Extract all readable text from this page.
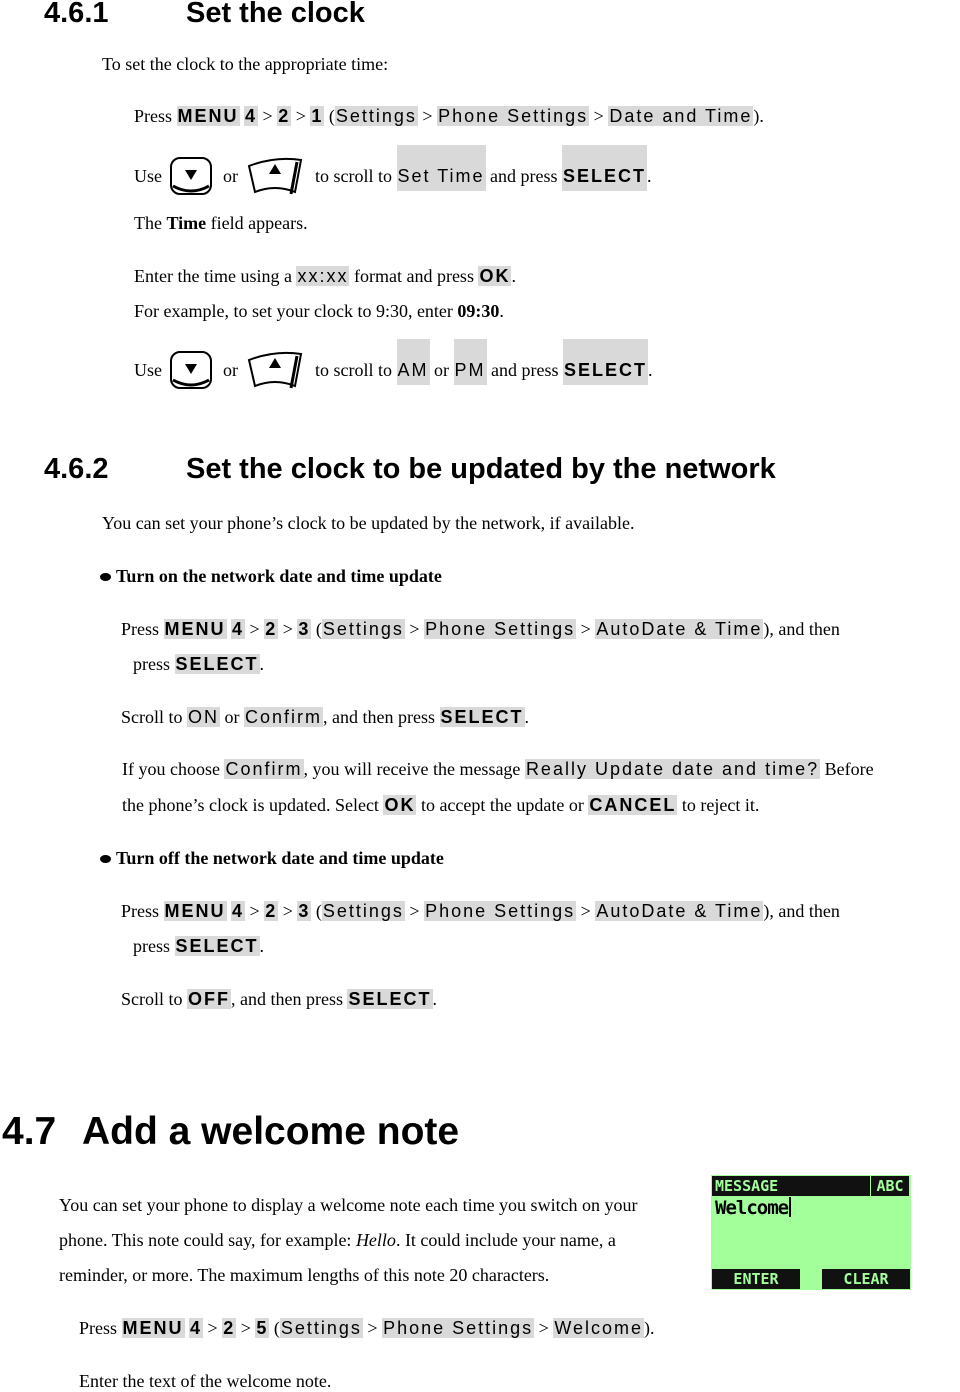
4.6.1	Set the clock
To set the clock to the appropriate time:
Press MENU 4 > 2 > 1 (Settings > Phone Settings > Date and Time).
Use	or	to scroll to Set Time and press SELECT.
The Time field appears.
Enter the time using a xx:xx format and press OK.
For example, to set your clock to 9:30, enter 09:30.
Use	or	to scroll to AM or PM and press SELECT.
4.6.2	Set the clock to be updated by the network
You can set your phone’s clock to be updated by the network, if available.
Turn on the network date and time update
Press MENU 4 > 2 > 3 (Settings > Phone Settings > AutoDate & Time), and then
press SELECT.
Scroll to ON or Confirm, and then press SELECT.
If you choose Confirm, you will receive the message Really Update date and time? Before
the phone’s clock is updated. Select OK to accept the update or CANCEL to reject it.
Turn off the network date and time update
Press MENU 4 > 2 > 3 (Settings > Phone Settings > AutoDate & Time), and then
press SELECT.
Scroll to OFF, and then press SELECT.
4.7 Add a welcome note
You can set your phone to display a welcome note each time you switch on your
phone. This note could say, for example: Hello. It could include your name, a
reminder, or more. The maximum lengths of this note 20 characters.
MESSAGE	ABC
Welcome
ENTER	CLEAR
Press MENU 4 > 2 > 5 (Settings > Phone Settings > Welcome).
Enter the text of the welcome note.
